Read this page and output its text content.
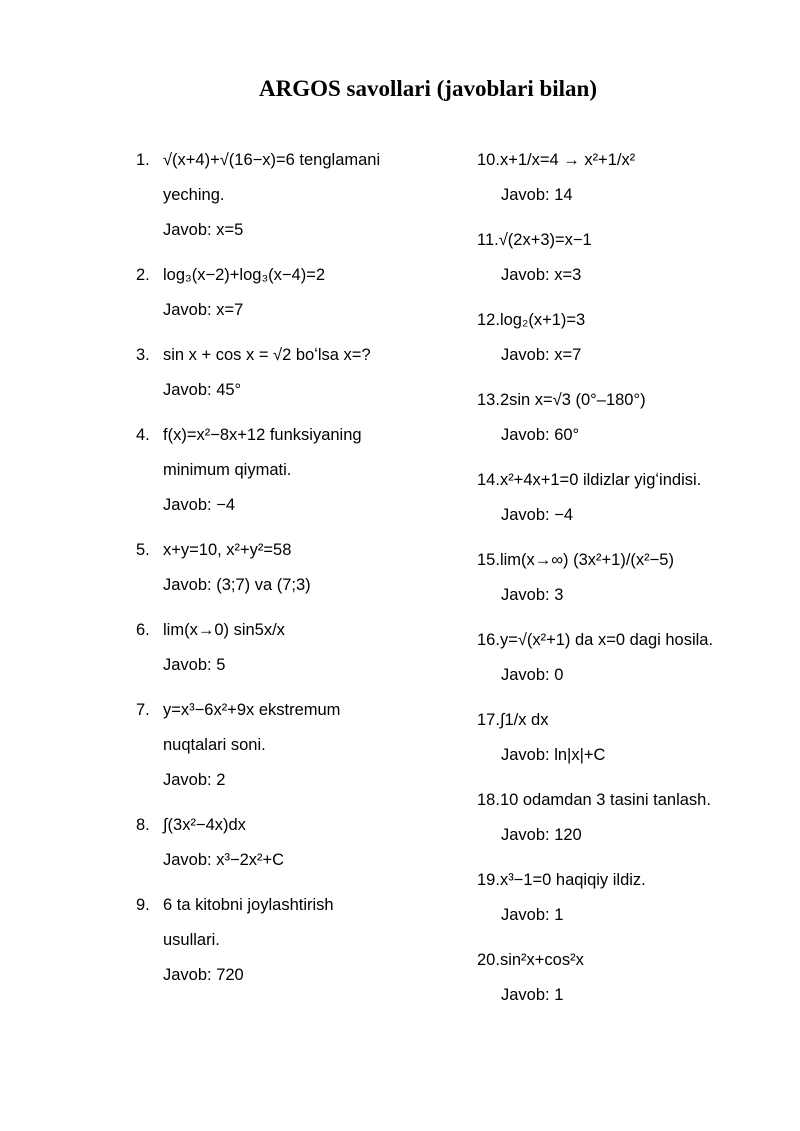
ARGOS savollari (javoblari bilan)
1. √(x+4)+√(16−x)=6 tenglamani
yeching.
Javob: x=5
2. log₃(x−2)+log₃(x−4)=2
Javob: x=7
3. sin x + cos x = √2 boʻlsa x=?
Javob: 45°
4. f(x)=x²−8x+12 funksiyaning
minimum qiymati.
Javob: −4
5. x+y=10, x²+y²=58
Javob: (3;7) va (7;3)
6. lim(x→0) sin5x/x
Javob: 5
7. y=x³−6x²+9x ekstremum
nuqtalari soni.
Javob: 2
8. ∫(3x²−4x)dx
Javob: x³−2x²+C
9. 6 ta kitobni joylashtirish
usullari.
Javob: 720
10. x+1/x=4 → x²+1/x²
Javob: 14
11. √(2x+3)=x−1
Javob: x=3
12. log₂(x+1)=3
Javob: x=7
13. 2sin x=√3 (0°–180°)
Javob: 60°
14. x²+4x+1=0 ildizlar yigʻindisi.
Javob: −4
15. lim(x→∞) (3x²+1)/(x²−5)
Javob: 3
16. y=√(x²+1) da x=0 dagi hosila.
Javob: 0
17. ∫1/x dx
Javob: ln|x|+C
18. 10 odamdan 3 tasini tanlash.
Javob: 120
19. x³−1=0 haqiqiy ildiz.
Javob: 1
20. sin²x+cos²x
Javob: 1
